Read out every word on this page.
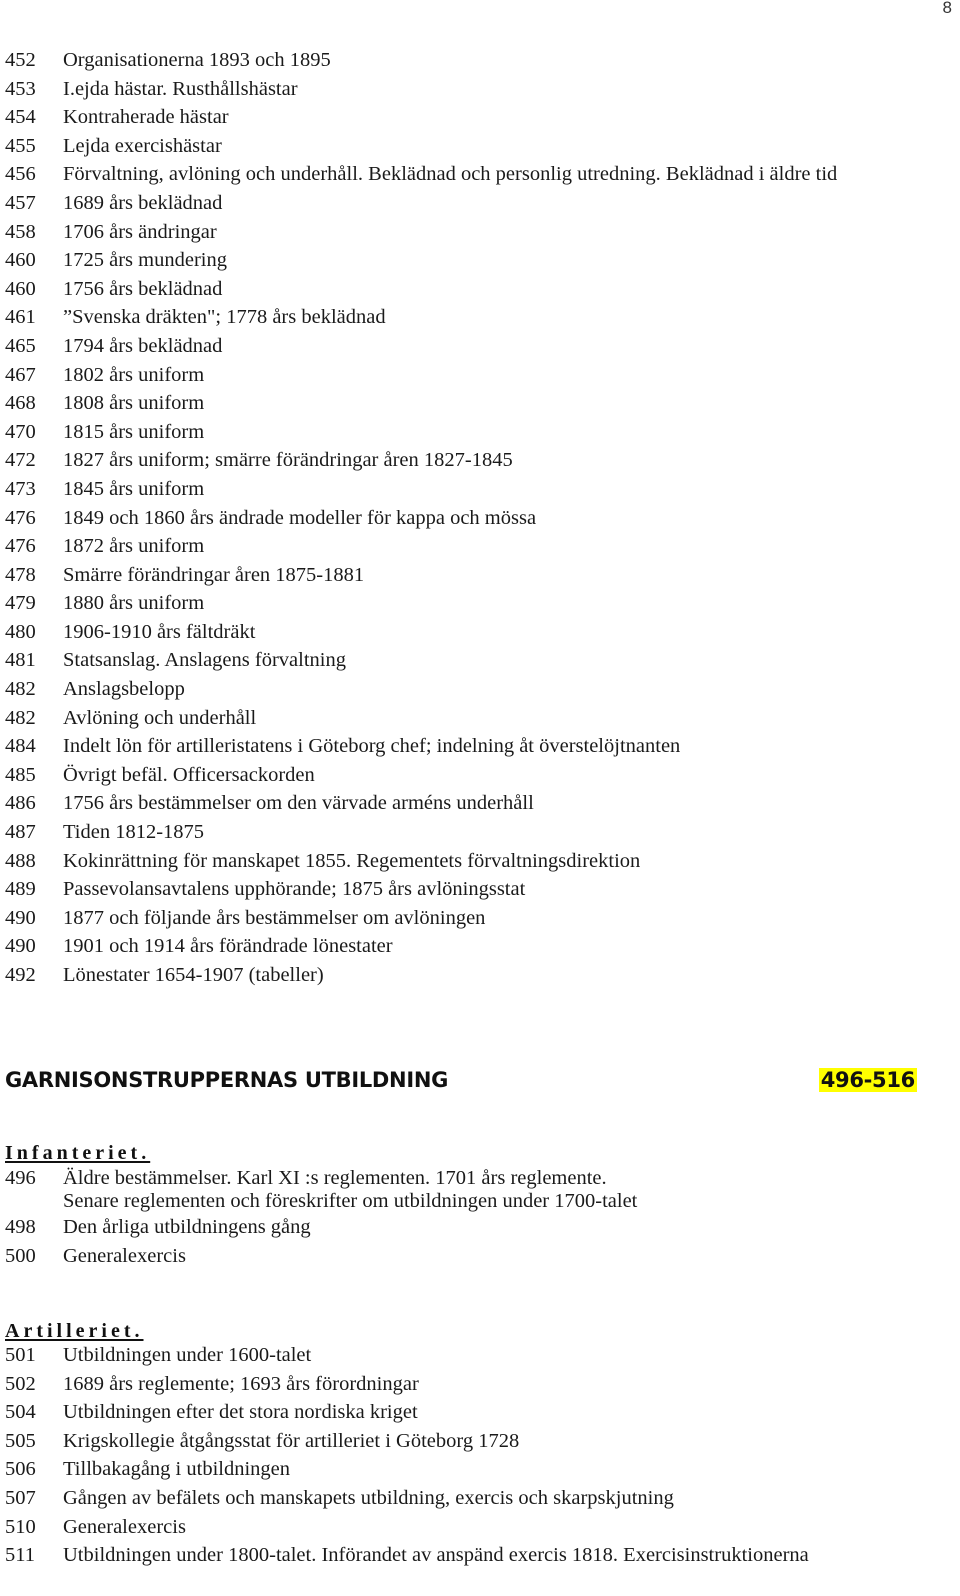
8
452	Organisationerna 1893 och 1895
453	I.ejda hästar. Rusthållshästar
454	Kontraherade hästar
455	Lejda exercishästar
456	Förvaltning, avlöning och underhåll. Beklädnad och personlig utredning. Beklädnad i äldre tid
457	1689 års beklädnad
458	1706 års ändringar
460	1725 års mundering
460	1756 års beklädnad
461	”Svenska dräkten"; 1778 års beklädnad
465	1794 års beklädnad
467	1802 års uniform
468	1808 års uniform
470	1815 års uniform
472	1827 års uniform; smärre förändringar åren 1827-1845
473	1845 års uniform
476	1849 och 1860 års ändrade modeller för kappa och mössa
476	1872 års uniform
478	Smärre förändringar åren 1875-1881
479	1880 års uniform
480	1906-1910 års fältdräkt
481	Statsanslag. Anslagens förvaltning
482	Anslagsbelopp
482	Avlöning och underhåll
484	Indelt lön för artilleristatens i Göteborg chef; indelning åt överstelöjtnanten
485	Övrigt befäl. Officersackorden
486	1756 års bestämmelser om den värvade arméns underhåll
487	Tiden 1812-1875
488	Kokinrättning för manskapet 1855. Regementets förvaltningsdirektion
489	Passevolansavtalens upphörande; 1875 års avlöningsstat
490	1877 och följande års bestämmelser om avlöningen
490	1901 och 1914 års förändrade lönestater
492	Lönestater 1654-1907 (tabeller)
GARNISONSTRUPPERNAS UTBILDNING	496-516
Infanteriet.
496	Äldre bestämmelser. Karl XI :s reglementen. 1701 års reglemente.
Senare reglementen och föreskrifter om utbildningen under 1700-talet
498	Den årliga utbildningens gång
500	Generalexercis
Artilleriet.
501	Utbildningen under 1600-talet
502	1689 års reglemente; 1693 års förordningar
504	Utbildningen efter det stora nordiska kriget
505	Krigskollegie åtgångsstat för artilleriet i Göteborg 1728
506	Tillbakagång i utbildningen
507	Gången av befälets och manskapets utbildning, exercis och skarpskjutning
510	Generalexercis
511	Utbildningen under 1800-talet. Införandet av anspänd exercis 1818. Exercisinstruktionerna
